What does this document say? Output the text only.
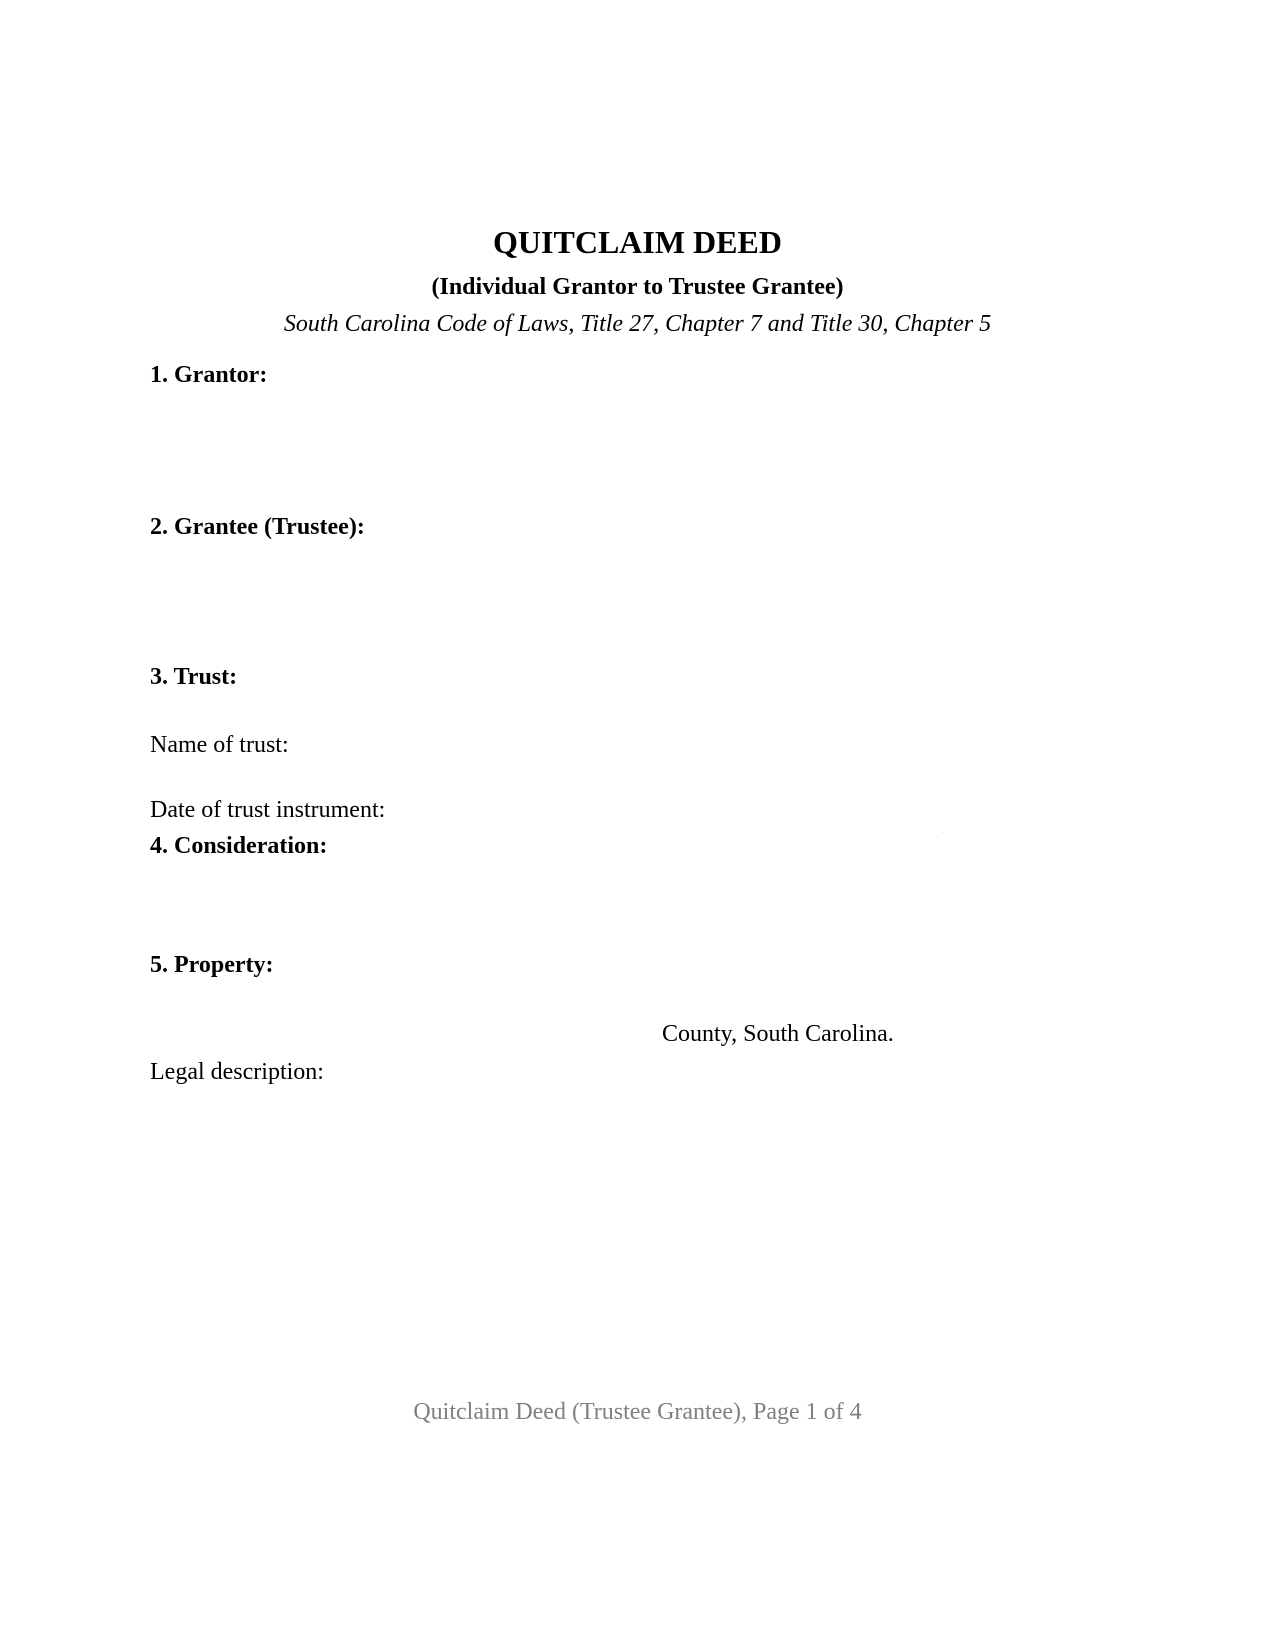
QUITCLAIM DEED
(Individual Grantor to Trustee Grantee)
South Carolina Code of Laws, Title 27, Chapter 7 and Title 30, Chapter 5
1. Grantor:
2. Grantee (Trustee):
3. Trust:
Name of trust:
Date of trust instrument:
4. Consideration:
5. Property:
County, South Carolina.
Legal description:
Quitclaim Deed (Trustee Grantee), Page 1 of 4
